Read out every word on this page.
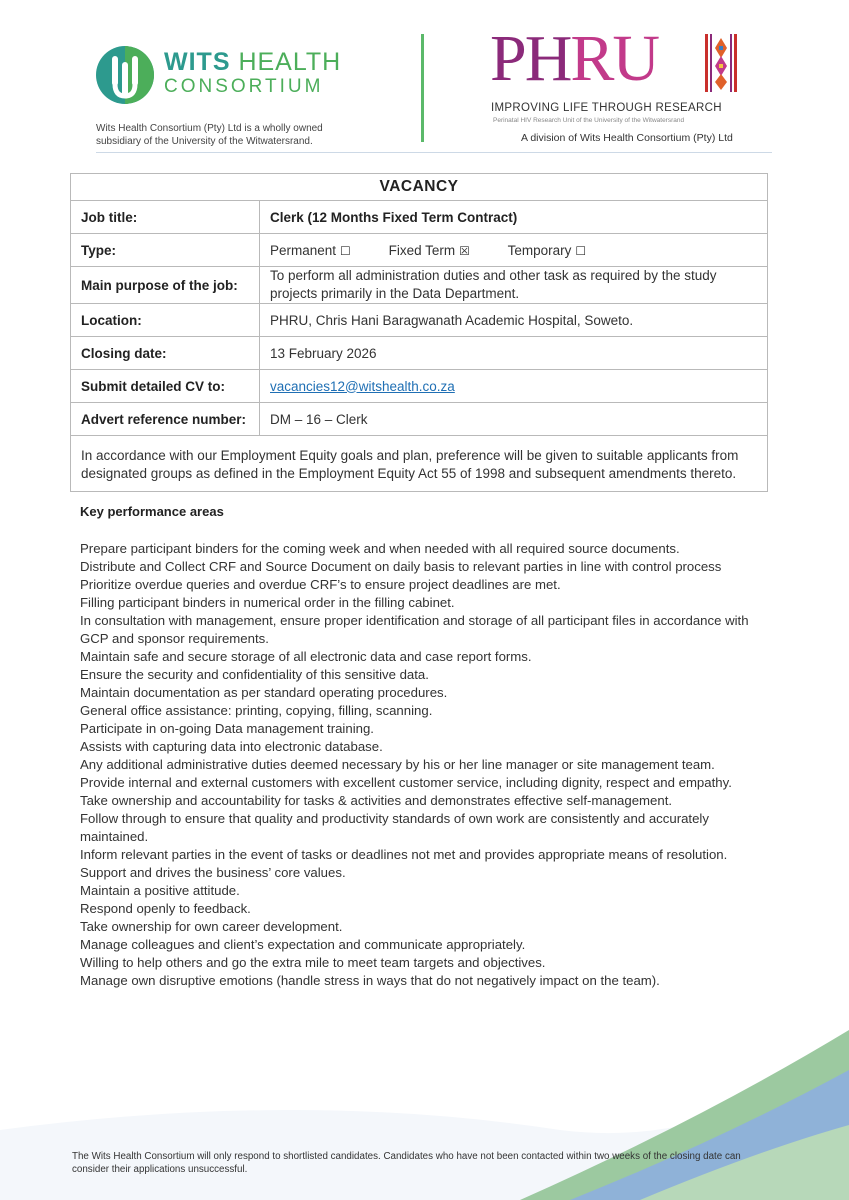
WITS HEALTH
CONSORTIUM
Wits Health Consortium (Pty) Ltd is a wholly owned subsidiary of the University of the Witwatersrand.
PHRU
IMPROVING LIFE THROUGH RESEARCH
Perinatal HIV Research Unit of the University of the Witwatersrand
A division of Wits Health Consortium (Pty) Ltd
VACANCY	
Job title:	Clerk (12 Months Fixed Term Contract)
Type:	Permanent ☐ Fixed Term ☒ Temporary ☐
Main purpose of the job:	To perform all administration duties and other task as required by the study projects primarily in the Data Department.
Location:	PHRU, Chris Hani Baragwanath Academic Hospital, Soweto.
Closing date:	13 February 2026
Submit detailed CV to:	vacancies12@witshealth.co.za
Advert reference number:	DM – 16 – Clerk
In accordance with our Employment Equity goals and plan, preference will be given to suitable applicants from designated groups as defined in the Employment Equity Act 55 of 1998 and subsequent amendments thereto.	
Key performance areas
Prepare participant binders for the coming week and when needed with all required source documents.
Distribute and Collect CRF and Source Document on daily basis to relevant parties in line with control process
Prioritize overdue queries and overdue CRF’s to ensure project deadlines are met.
Filling participant binders in numerical order in the filling cabinet.
In consultation with management, ensure proper identification and storage of all participant files in accordance with GCP and sponsor requirements.
Maintain safe and secure storage of all electronic data and case report forms.
Ensure the security and confidentiality of this sensitive data.
Maintain documentation as per standard operating procedures.
General office assistance: printing, copying, filling, scanning.
Participate in on-going Data management training.
Assists with capturing data into electronic database.
Any additional administrative duties deemed necessary by his or her line manager or site management team.
Provide internal and external customers with excellent customer service, including dignity, respect and empathy.
Take ownership and accountability for tasks & activities and demonstrates effective self-management.
Follow through to ensure that quality and productivity standards of own work are consistently and accurately maintained.
Inform relevant parties in the event of tasks or deadlines not met and provides appropriate means of resolution.
Support and drives the business’ core values.
Maintain a positive attitude.
Respond openly to feedback.
Take ownership for own career development.
Manage colleagues and client’s expectation and communicate appropriately.
Willing to help others and go the extra mile to meet team targets and objectives.
Manage own disruptive emotions (handle stress in ways that do not negatively impact on the team).
The Wits Health Consortium will only respond to shortlisted candidates. Candidates who have not been contacted within two weeks of the closing date can consider their applications unsuccessful.
